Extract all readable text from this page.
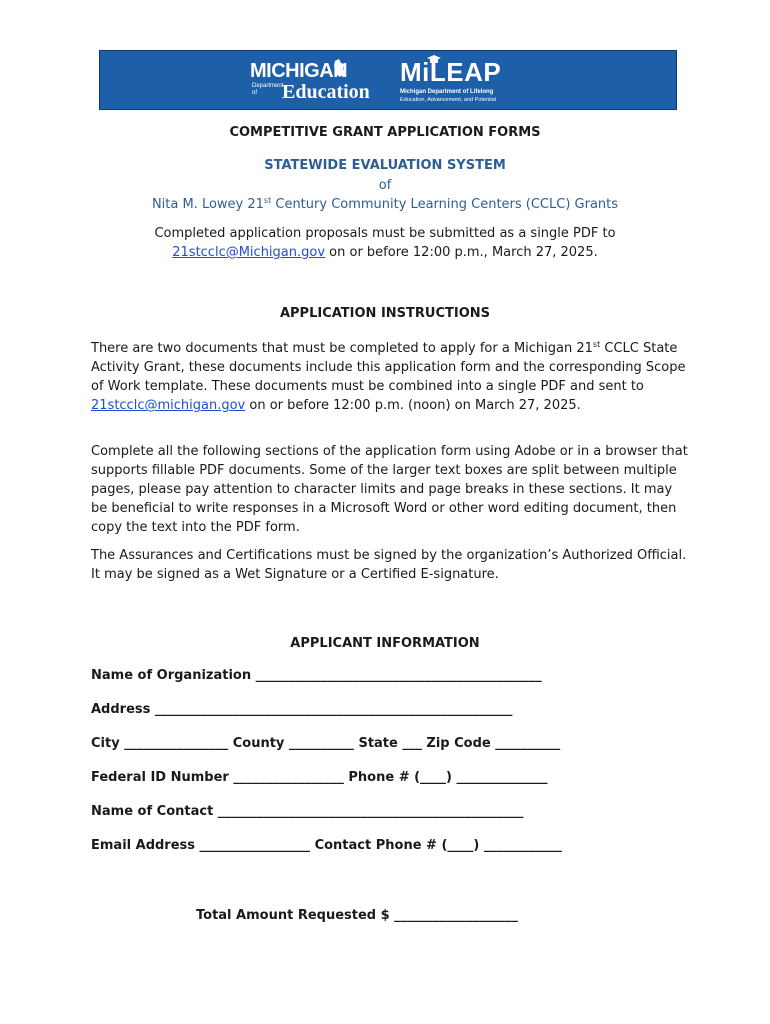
MICHIGAN
Department of	Education
MiLEAP
Michigan Department of Lifelong
Education, Advancement, and Potential
COMPETITIVE GRANT APPLICATION FORMS
STATEWIDE EVALUATION SYSTEM
of
Nita M. Lowey 21st Century Community Learning Centers (CCLC) Grants
Completed application proposals must be submitted as a single PDF to
21stcclc@Michigan.gov on or before 12:00 p.m., March 27, 2025.
APPLICATION INSTRUCTIONS

There are two documents that must be completed to apply for a Michigan 21st CCLC State Activity Grant, these documents include this application form and the corresponding Scope of Work template. These documents must be combined into a single PDF and sent to 21stcclc@michigan.gov on or before 12:00 p.m. (noon) on March 27, 2025.

Complete all the following sections of the application form using Adobe or in a browser that supports fillable PDF documents. Some of the larger text boxes are split between multiple pages, please pay attention to character limits and page breaks in these sections. It may be beneficial to write responses in a Microsoft Word or other word editing document, then copy the text into the PDF form.

The Assurances and Certifications must be signed by the organization’s Authorized Official. It may be signed as a Wet Signature or a Certified E-signature.

APPLICANT INFORMATION
Name of Organization ____________________________________________
Address _______________________________________________________
City ________________ County __________ State ___ Zip Code __________
Federal ID Number _________________ Phone # (____) ______________
Name of Contact _______________________________________________
Email Address _________________ Contact Phone # (____) ____________
Total Amount Requested $ ___________________
